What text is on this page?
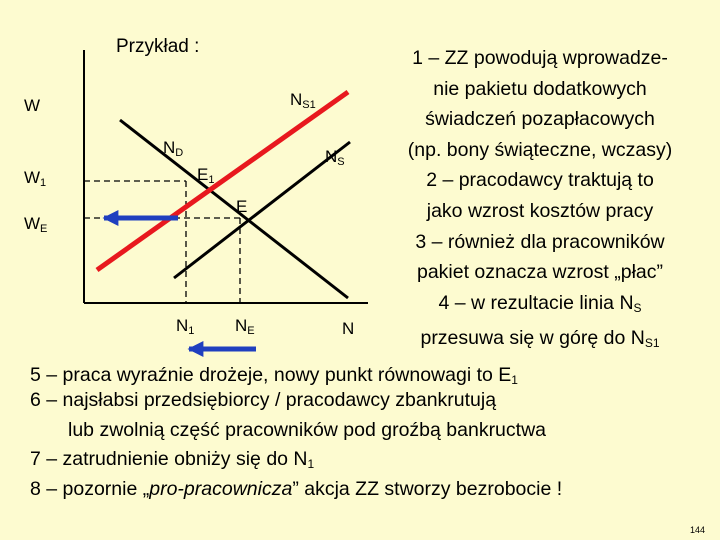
Przykład :
W
$W_1$
$W_E$
$N_{S1}$
$N_D$	$N_S$
$E_1$
E
$N_1$ $N_E$	N
1 – ZZ powodują wprowadze-
nie pakietu dodatkowych
świadczeń pozapłacowych
(np. bony świąteczne, wczasy)
2 – pracodawcy traktują to
jako wzrost kosztów pracy
3 – również dla pracowników
pakiet oznacza wzrost „płac”
4 – w rezultacie linia $N_S$
przesuwa się w górę do $N_{S1}$
5 – praca wyraźnie drożeje, nowy punkt równowagi to $E_1$
6 – najsłabsi przedsiębiorcy / pracodawcy zbankrutują
lub zwolnią część pracowników pod groźbą bankructwa
7 – zatrudnienie obniży się do $N_1$
8 – pozornie „pro-pracownicza” akcja ZZ stworzy bezrobocie !
144
